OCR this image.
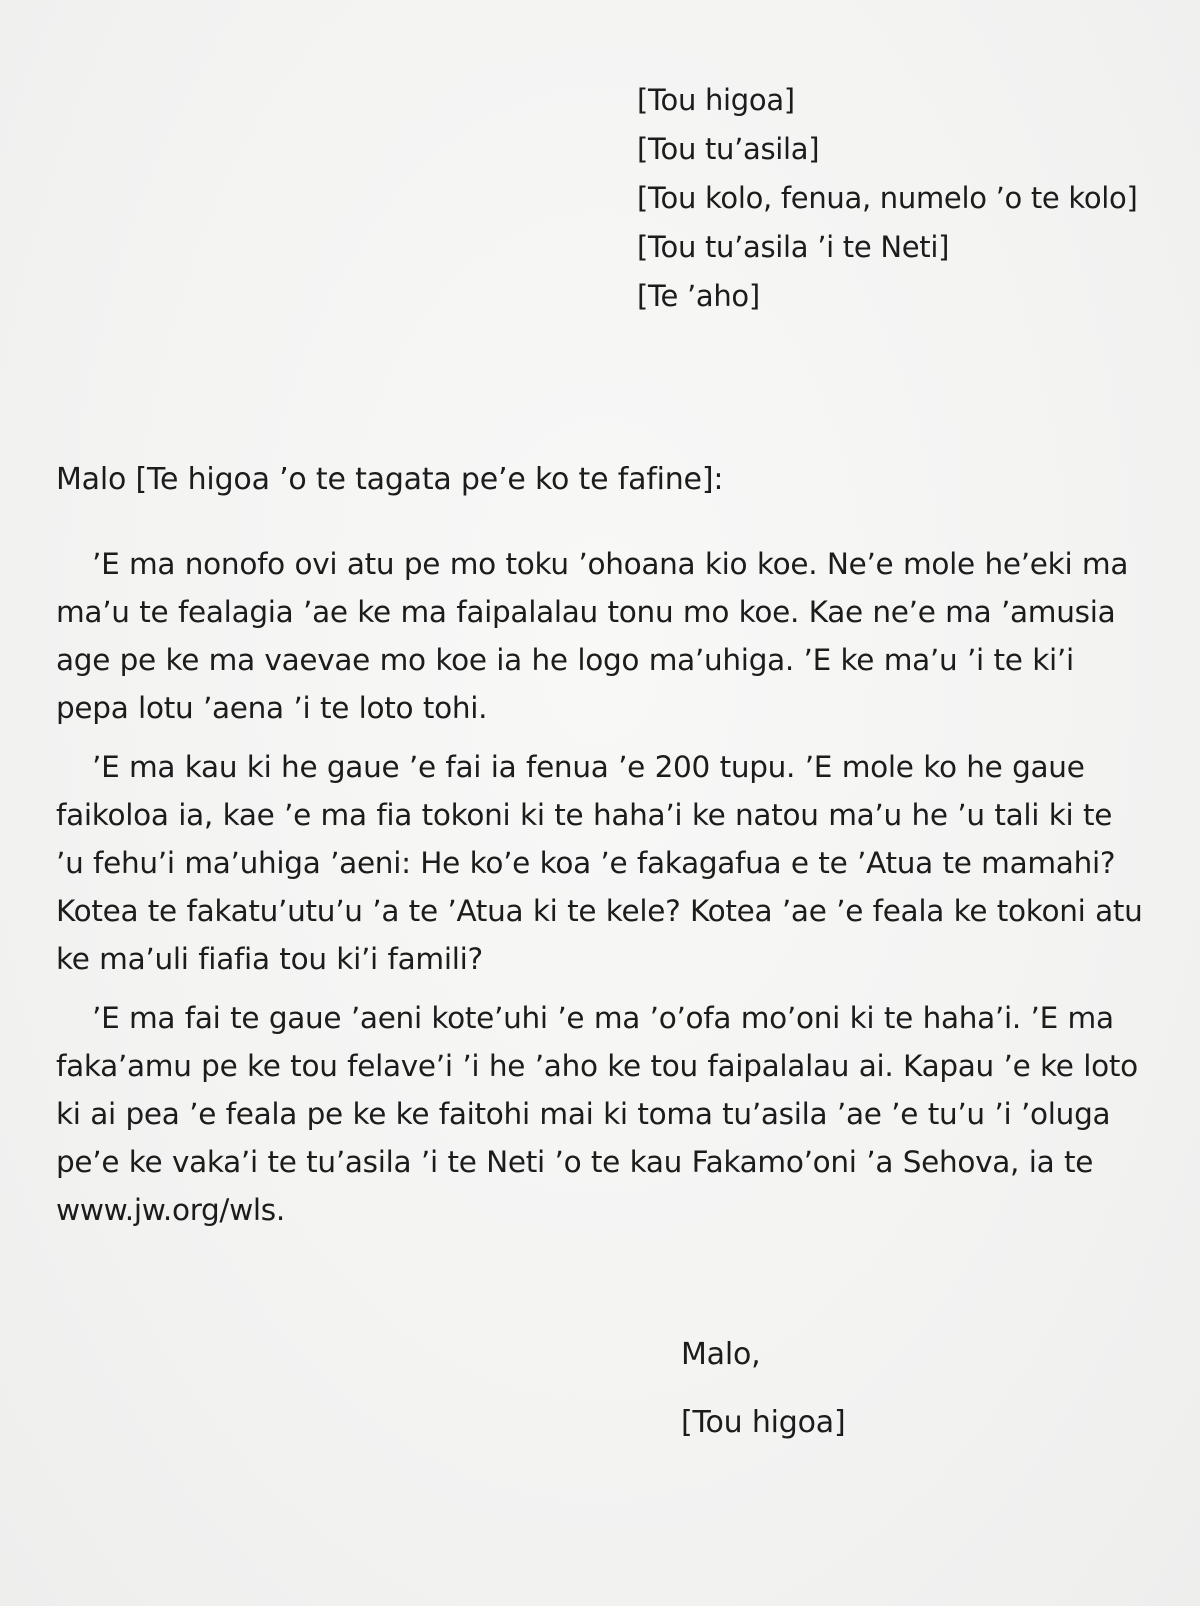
[Tou higoa]
[Tou tu’asila]
[Tou kolo, fenua, numelo ’o te kolo]
[Tou tu’asila ’i te Neti]
[Te ’aho]

Malo [Te higoa ’o te tagata pe’e ko te fafine]:

’E ma nonofo ovi atu pe mo toku ’ohoana kio koe. Ne’e mole he’eki ma ma’u te fealagia ’ae ke ma faipalalau tonu mo koe. Kae ne’e ma ’amusia age pe ke ma vaevae mo koe ia he logo ma’uhiga. ’E ke ma’u ’i te ki’i pepa lotu ’aena ’i te loto tohi.

’E ma kau ki he gaue ’e fai ia fenua ’e 200 tupu. ’E mole ko he gaue faikoloa ia, kae ’e ma fia tokoni ki te haha’i ke natou ma’u he ’u tali ki te ’u fehu’i ma’uhiga ’aeni: He ko’e koa ’e fakagafua e te ’Atua te mamahi? Kotea te fakatu’utu’u ’a te ’Atua ki te kele? Kotea ’ae ’e feala ke tokoni atu ke ma’uli fiafia tou ki’i famili?

’E ma fai te gaue ’aeni kote’uhi ’e ma ’o’ofa mo’oni ki te haha’i. ’E ma faka’amu pe ke tou felave’i ’i he ’aho ke tou faipalalau ai. Kapau ’e ke loto ki ai pea ’e feala pe ke ke faitohi mai ki toma tu’asila ’ae ’e tu’u ’i ’oluga pe’e ke vaka’i te tu’asila ’i te Neti ’o te kau Fakamo’oni ’a Sehova, ia te www.jw.org/wls.

Malo,
[Tou higoa]
